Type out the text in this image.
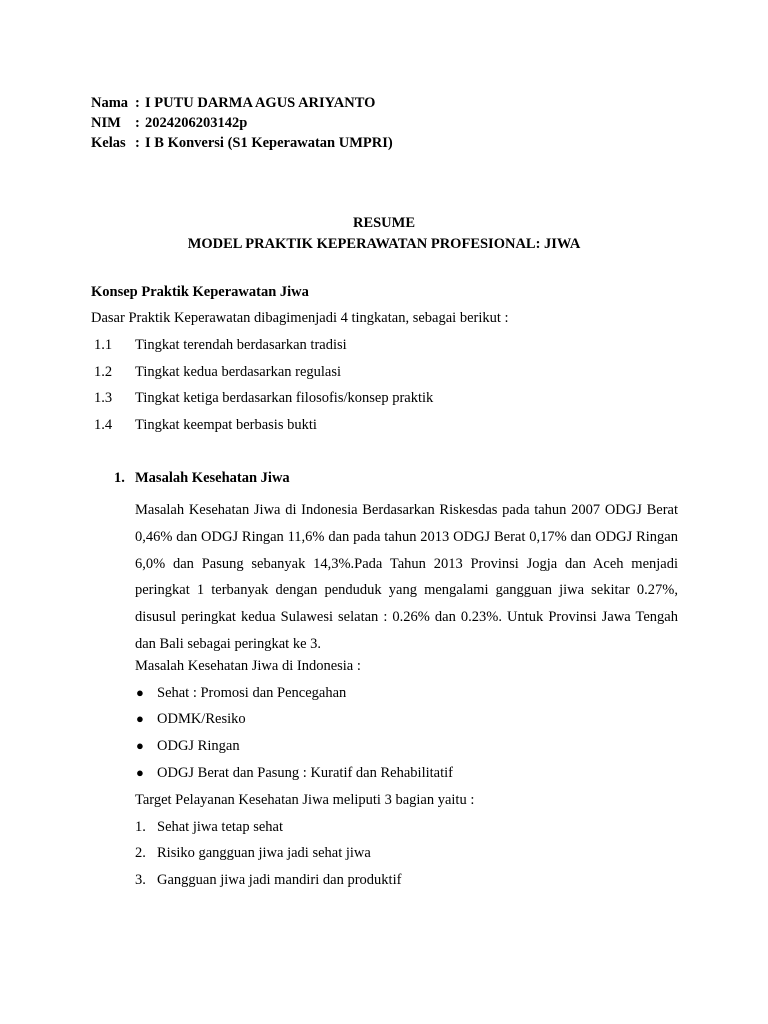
Nama : I PUTU DARMA AGUS ARIYANTO
NIM : 2024206203142p
Kelas : I B Konversi (S1 Keperawatan UMPRI)
RESUME
MODEL PRAKTIK KEPERAWATAN PROFESIONAL: JIWA
Konsep Praktik Keperawatan Jiwa
Dasar Praktik Keperawatan dibagimenjadi 4 tingkatan, sebagai berikut :
1.1	Tingkat terendah berdasarkan tradisi
1.2	Tingkat kedua berdasarkan regulasi
1.3	Tingkat ketiga berdasarkan filosofis/konsep praktik
1.4	Tingkat keempat berbasis bukti
1. Masalah Kesehatan Jiwa
Masalah Kesehatan Jiwa di Indonesia Berdasarkan Riskesdas pada tahun 2007 ODGJ Berat 0,46% dan ODGJ Ringan 11,6% dan pada tahun 2013 ODGJ Berat 0,17% dan ODGJ Ringan 6,0% dan Pasung sebanyak 14,3%.Pada Tahun 2013 Provinsi Jogja dan Aceh menjadi peringkat 1 terbanyak dengan penduduk yang mengalami gangguan jiwa sekitar 0.27%, disusul peringkat kedua Sulawesi selatan : 0.26% dan 0.23%. Untuk Provinsi Jawa Tengah dan Bali sebagai peringkat ke 3.
Masalah Kesehatan Jiwa di Indonesia :
● Sehat : Promosi dan Pencegahan
● ODMK/Resiko
● ODGJ Ringan
● ODGJ Berat dan Pasung : Kuratif dan Rehabilitatif
Target Pelayanan Kesehatan Jiwa meliputi 3 bagian yaitu :
1. Sehat jiwa tetap sehat
2. Risiko gangguan jiwa jadi sehat jiwa
3. Gangguan jiwa jadi mandiri dan produktif
